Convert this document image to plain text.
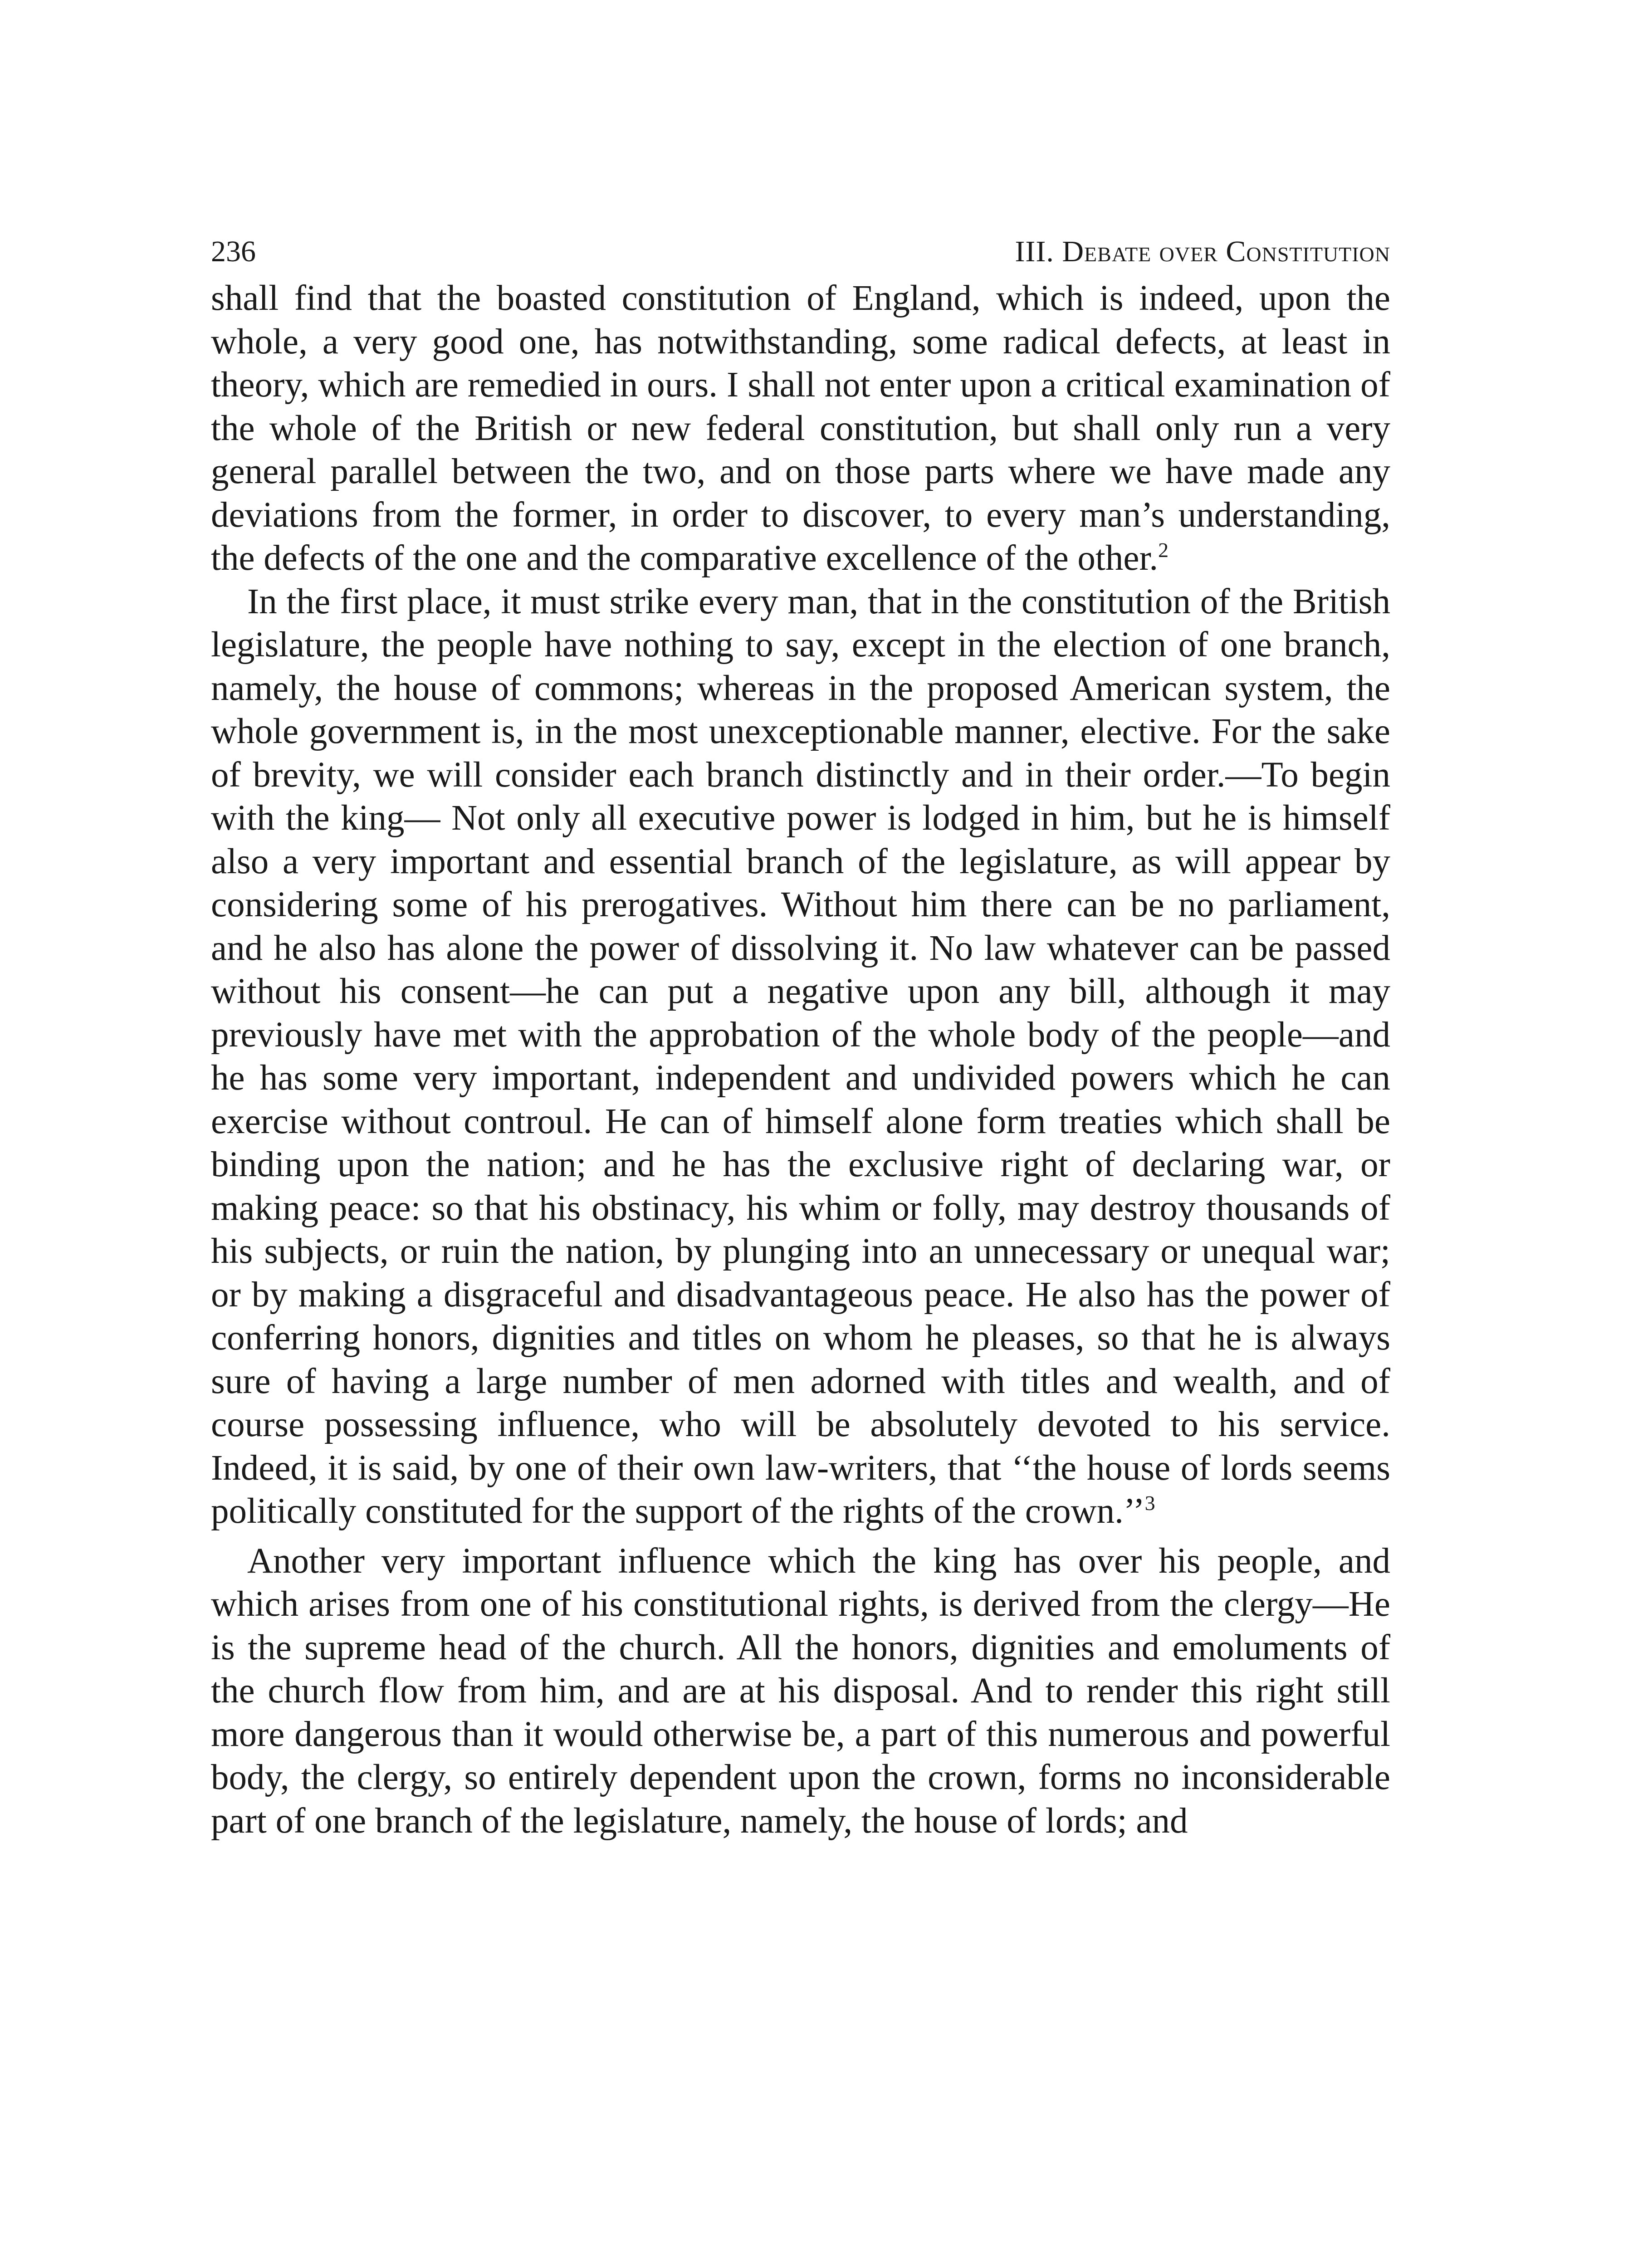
236	III. Debate over Constitution

shall find that the boasted constitution of England, which is indeed, upon the whole, a very good one, has notwithstanding, some radical defects, at least in theory, which are remedied in ours. I shall not enter upon a critical examination of the whole of the British or new federal constitution, but shall only run a very general parallel between the two, and on those parts where we have made any deviations from the former, in order to discover, to every man’s understanding, the defects of the one and the comparative excellence of the other.$^2$

In the first place, it must strike every man, that in the constitution of the British legislature, the people have nothing to say, except in the election of one branch, namely, the house of commons; whereas in the proposed American system, the whole government is, in the most unexceptionable manner, elective. For the sake of brevity, we will consider each branch distinctly and in their order.—To begin with the king— Not only all executive power is lodged in him, but he is himself also a very important and essential branch of the legislature, as will appear by considering some of his prerogatives. Without him there can be no parliament, and he also has alone the power of dissolving it. No law whatever can be passed without his consent—he can put a negative upon any bill, although it may previously have met with the approbation of the whole body of the people—and he has some very important, independent and undivided powers which he can exercise without controul. He can of himself alone form treaties which shall be binding upon the nation; and he has the exclusive right of declaring war, or making peace: so that his obstinacy, his whim or folly, may destroy thousands of his subjects, or ruin the nation, by plunging into an unnecessary or unequal war; or by making a disgraceful and disadvantageous peace. He also has the power of conferring honors, dignities and titles on whom he pleases, so that he is always sure of having a large number of men adorned with titles and wealth, and of course possessing influence, who will be absolutely devoted to his service. Indeed, it is said, by one of their own law-writers, that ‘‘the house of lords seems politically constituted for the support of the rights of the crown.’’$^3$

Another very important influence which the king has over his people, and which arises from one of his constitutional rights, is derived from the clergy—He is the supreme head of the church. All the honors, dignities and emoluments of the church flow from him, and are at his disposal. And to render this right still more dangerous than it would otherwise be, a part of this numerous and powerful body, the clergy, so entirely dependent upon the crown, forms no inconsiderable part of one branch of the legislature, namely, the house of lords; and
